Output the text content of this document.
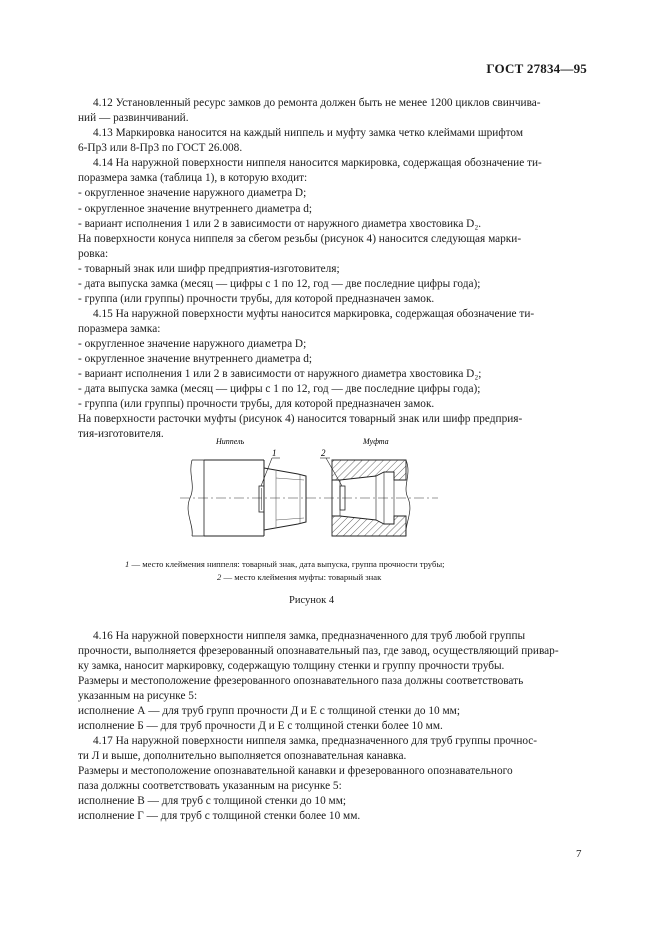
ГОСТ 27834—95
4.12 Установленный ресурс замков до ремонта должен быть не менее 1200 циклов свинчива-
ний — развинчиваний.
4.13 Маркировка наносится на каждый ниппель и муфту замка четко клеймами шрифтом
6-Пр3 или 8-Пр3 по ГОСТ 26.008.
4.14 На наружной поверхности ниппеля наносится маркировка, содержащая обозначение ти-
поразмера замка (таблица 1), в которую входит:
- округленное значение наружного диаметра D;
- округленное значение внутреннего диаметра d;
- вариант исполнения 1 или 2 в зависимости от наружного диаметра хвостовика D₂.
На поверхности конуса ниппеля за сбегом резьбы (рисунок 4) наносится следующая марки-
ровка:
- товарный знак или шифр предприятия-изготовителя;
- дата выпуска замка (месяц — цифры с 1 по 12, год — две последние цифры года);
- группа (или группы) прочности трубы, для которой предназначен замок.
4.15 На наружной поверхности муфты наносится маркировка, содержащая обозначение ти-
поразмера замка:
- округленное значение наружного диаметра D;
- округленное значение внутреннего диаметра d;
- вариант исполнения 1 или 2 в зависимости от наружного диаметра хвостовика D₂;
- дата выпуска замка (месяц — цифры с 1 по 12, год — две последние цифры года);
- группа (или группы) прочности трубы, для которой предназначен замок.
На поверхности расточки муфты (рисунок 4) наносится товарный знак или шифр предприя-
тия-изготовителя.
Ниппель	Муфта
1	2
1 — место клеймения ниппеля: товарный знак, дата выпуска, группа прочности трубы;
2 — место клеймения муфты: товарный знак
Рисунок 4
4.16 На наружной поверхности ниппеля замка, предназначенного для труб любой группы
прочности, выполняется фрезерованный опознавательный паз, где завод, осуществляющий привар-
ку замка, наносит маркировку, содержащую толщину стенки и группу прочности трубы.
Размеры и местоположение фрезерованного опознавательного паза должны соответствовать
указанным на рисунке 5:
исполнение А — для труб групп прочности Д и Е с толщиной стенки до 10 мм;
исполнение Б — для труб прочности Д и Е с толщиной стенки более 10 мм.
4.17 На наружной поверхности ниппеля замка, предназначенного для труб группы прочнос-
ти Л и выше, дополнительно выполняется опознавательная канавка.
Размеры и местоположение опознавательной канавки и фрезерованного опознавательного
паза должны соответствовать указанным на рисунке 5:
исполнение В — для труб с толщиной стенки до 10 мм;
исполнение Г — для труб с толщиной стенки более 10 мм.
7
